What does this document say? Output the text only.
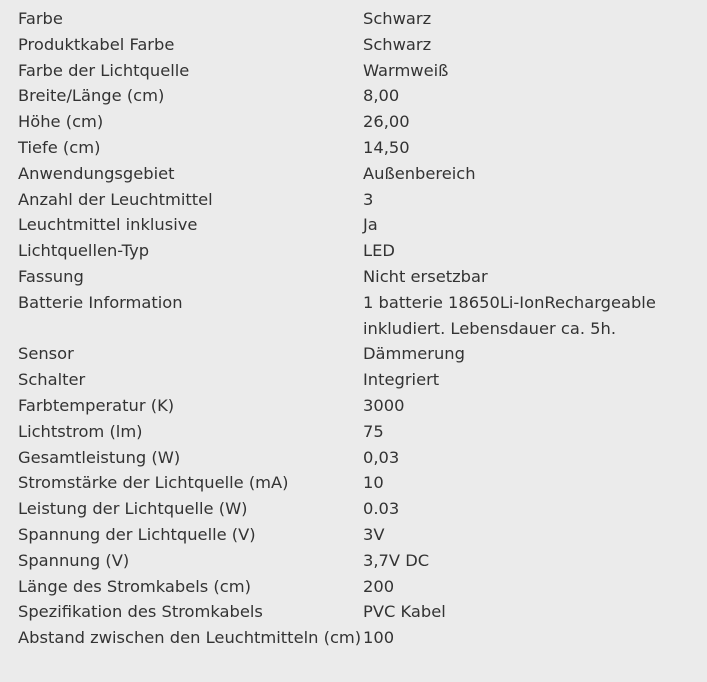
Farbe	Schwarz
Produktkabel Farbe	Schwarz
Farbe der Lichtquelle	Warmweiß
Breite/Länge (cm)	8,00
Höhe (cm)	26,00
Tiefe (cm)	14,50
Anwendungsgebiet	Außenbereich
Anzahl der Leuchtmittel	3
Leuchtmittel inklusive	Ja
Lichtquellen-Typ	LED
Fassung	Nicht ersetzbar
Batterie Information	1 batterie 18650Li-IonRechargeable inkludiert. Lebensdauer ca. 5h.
Sensor	Dämmerung
Schalter	Integriert
Farbtemperatur (K)	3000
Lichtstrom (lm)	75
Gesamtleistung (W)	0,03
Stromstärke der Lichtquelle (mA)	10
Leistung der Lichtquelle (W)	0.03
Spannung der Lichtquelle (V)	3V
Spannung (V)	3,7V DC
Länge des Stromkabels (cm)	200
Spezifikation des Stromkabels	PVC Kabel
Abstand zwischen den Leuchtmitteln (cm) 100
